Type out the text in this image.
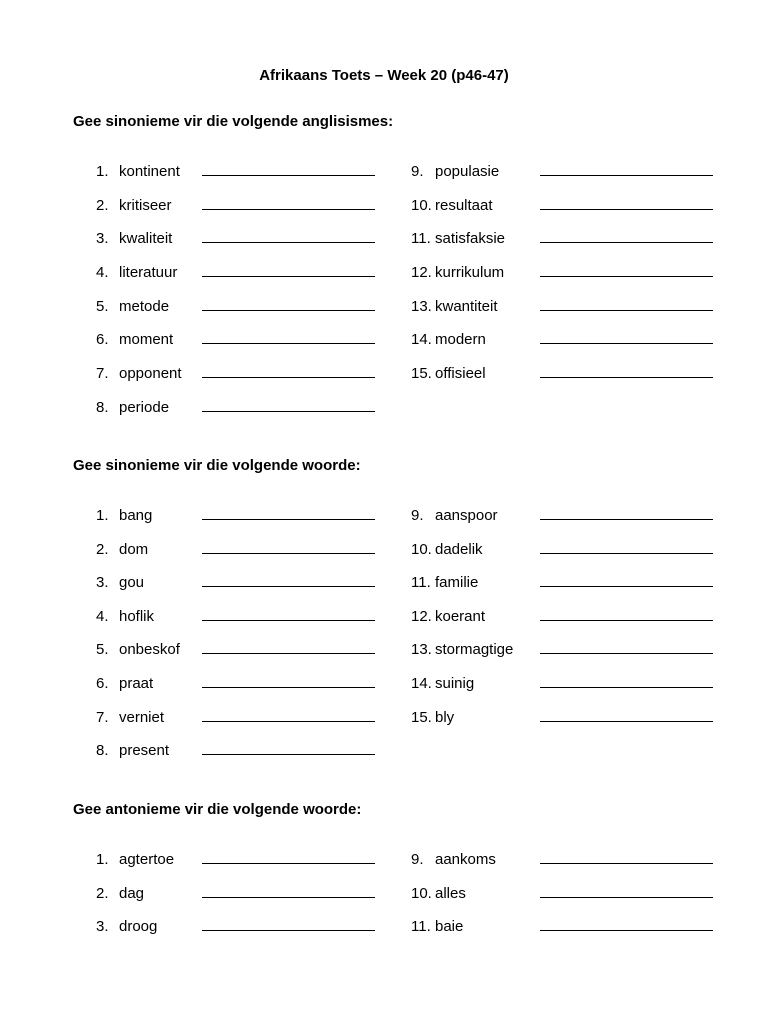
Afrikaans Toets – Week 20 (p46-47)
Gee sinonieme vir die volgende anglisismes:
1. kontinent
2. kritiseer
3. kwaliteit
4. literatuur
5. metode
6. moment
7. opponent
8. periode
9. populasie
10. resultaat
11. satisfaksie
12. kurrikulum
13. kwantiteit
14. modern
15. offisieel
Gee sinonieme vir die volgende woorde:
1. bang
2. dom
3. gou
4. hoflik
5. onbeskof
6. praat
7. verniet
8. present
9. aanspoor
10. dadelik
11. familie
12. koerant
13. stormagtige
14. suinig
15. bly
Gee antonieme vir die volgende woorde:
1. agtertoe
2. dag
3. droog
9. aankoms
10. alles
11. baie
